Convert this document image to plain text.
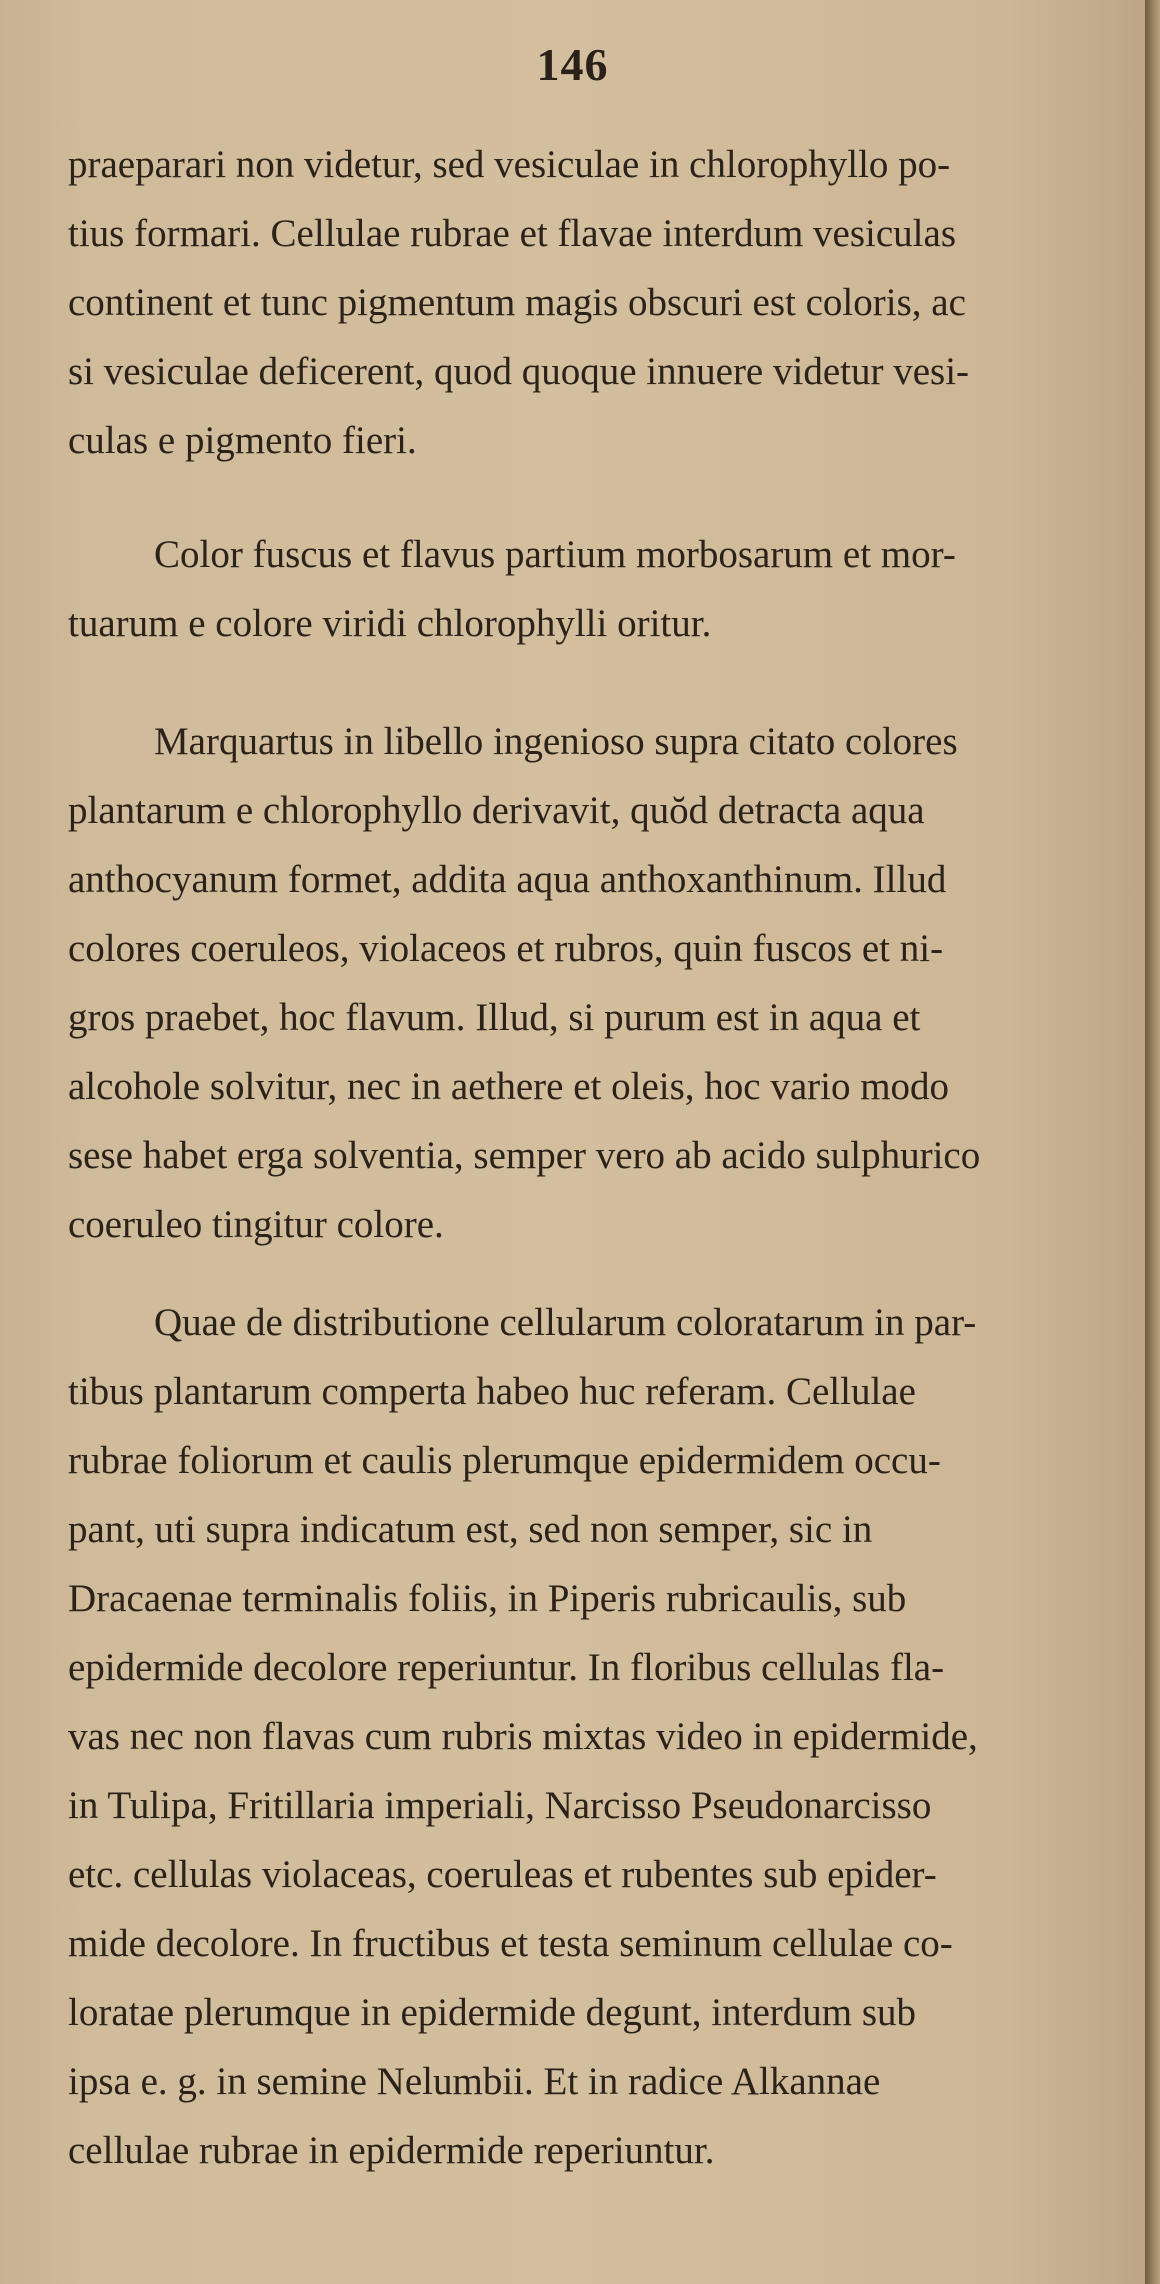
146
praeparari non videtur, sed vesiculae in chlorophyllo po-
tius formari. Cellulae rubrae et flavae interdum vesiculas
continent et tunc pigmentum magis obscuri est coloris, ac
si vesiculae deficerent, quod quoque innuere videtur vesi-
culas e pigmento fieri.
Color fuscus et flavus partium morbosarum et mor-
tuarum e colore viridi chlorophylli oritur.
Marquartus in libello ingenioso supra citato colores
plantarum e chlorophyllo derivavit, quŏd detracta aqua
anthocyanum formet, addita aqua anthoxanthinum. Illud
colores coeruleos, violaceos et rubros, quin fuscos et ni-
gros praebet, hoc flavum. Illud, si purum est in aqua et
alcohole solvitur, nec in aethere et oleis, hoc vario modo
sese habet erga solventia, semper vero ab acido sulphurico
coeruleo tingitur colore.
Quae de distributione cellularum coloratarum in par-
tibus plantarum comperta habeo huc referam. Cellulae
rubrae foliorum et caulis plerumque epidermidem occu-
pant, uti supra indicatum est, sed non semper, sic in
Dracaenae terminalis foliis, in Piperis rubricaulis, sub
epidermide decolore reperiuntur. In floribus cellulas fla-
vas nec non flavas cum rubris mixtas video in epidermide,
in Tulipa, Fritillaria imperiali, Narcisso Pseudonarcisso
etc. cellulas violaceas, coeruleas et rubentes sub epider-
mide decolore. In fructibus et testa seminum cellulae co-
loratae plerumque in epidermide degunt, interdum sub
ipsa e. g. in semine Nelumbii. Et in radice Alkannae
cellulae rubrae in epidermide reperiuntur.
